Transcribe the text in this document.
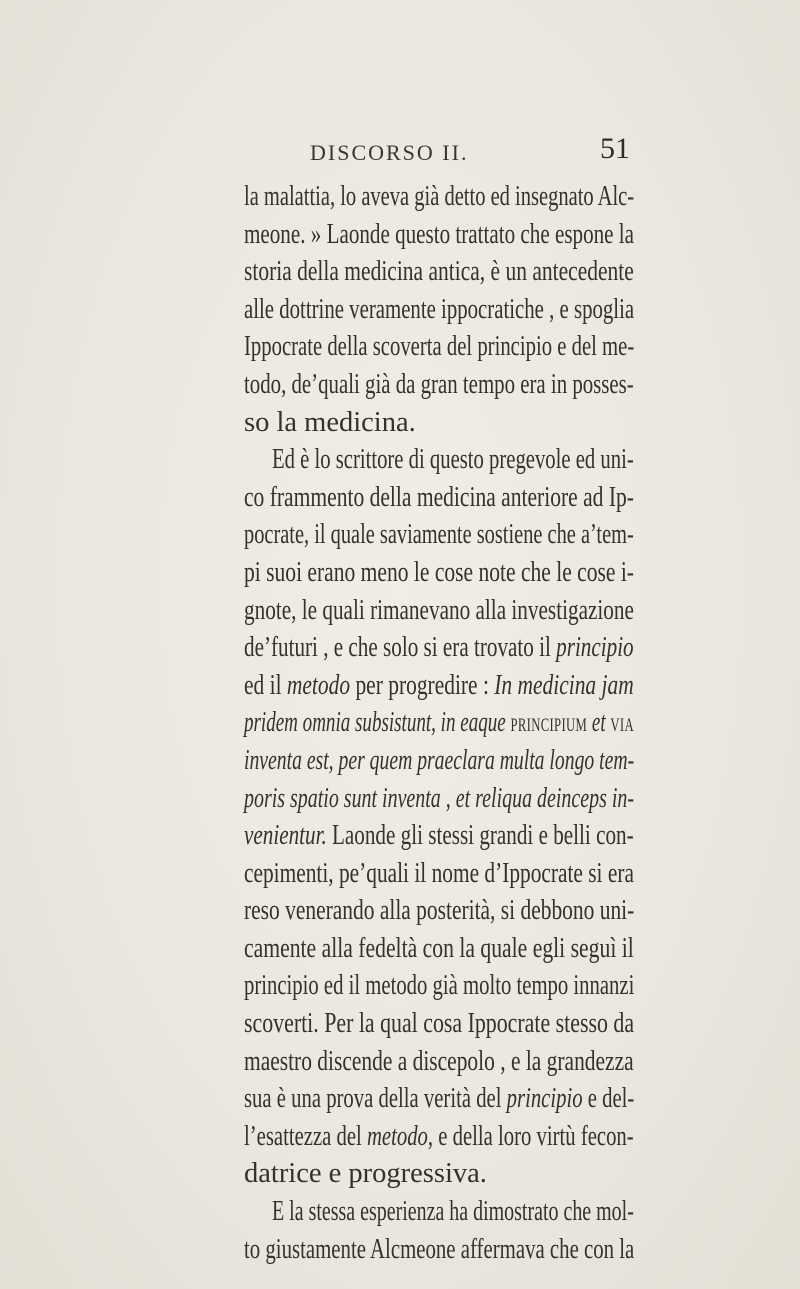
DISCORSO II.	51
la malattia, lo aveva già detto ed insegnato Alc-
meone. » Laonde questo trattato che espone la
storia della medicina antica, è un antecedente
alle dottrine veramente ippocratiche , e spoglia
Ippocrate della scoverta del principio e del me-
todo, de’quali già da gran tempo era in posses-
so la medicina.
Ed è lo scrittore di questo pregevole ed uni-
co frammento della medicina anteriore ad Ip-
pocrate, il quale saviamente sostiene che a’tem-
pi suoi erano meno le cose note che le cose i-
gnote, le quali rimanevano alla investigazione
de’futuri , e che solo si era trovato il principio
ed il metodo per progredire : In medicina jam
pridem omnia subsistunt, in eaque PRINCIPIUM et VIA
inventa est, per quem praeclara multa longo tem-
poris spatio sunt inventa , et reliqua deinceps in-
venientur. Laonde gli stessi grandi e belli con-
cepimenti, pe’quali il nome d’Ippocrate si era
reso venerando alla posterità, si debbono uni-
camente alla fedeltà con la quale egli seguì il
principio ed il metodo già molto tempo innanzi
scoverti. Per la qual cosa Ippocrate stesso da
maestro discende a discepolo , e la grandezza
sua è una prova della verità del principio e del-
l’esattezza del metodo, e della loro virtù fecon-
datrice e progressiva.
E la stessa esperienza ha dimostrato che mol-
to giustamente Alcmeone affermava che con la
